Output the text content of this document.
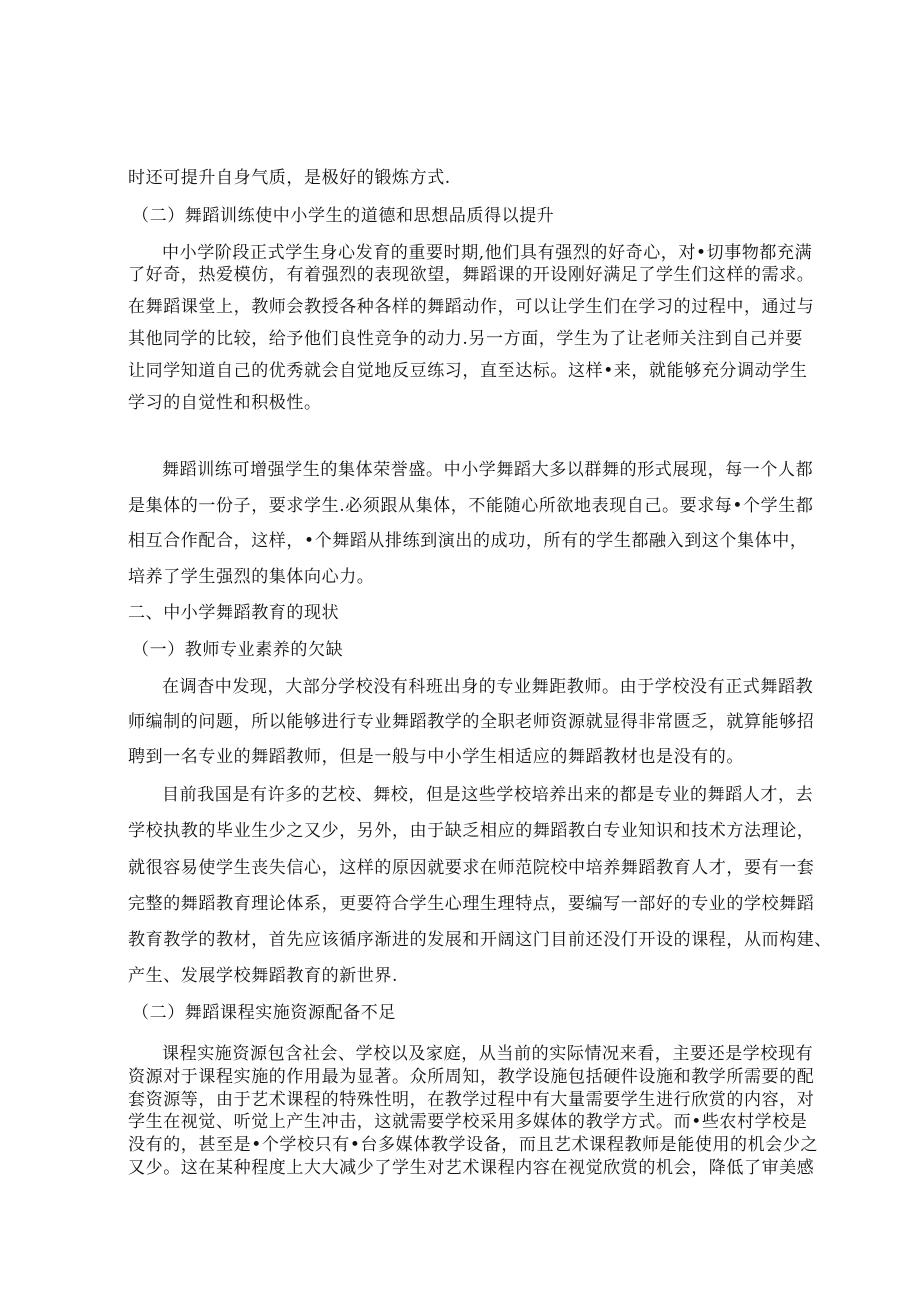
时还可提升自身气质，是极好的锻炼方式.
（二）舞蹈训练使中小学生的道德和思想品质得以提升
中小学阶段正式学生身心发育的重要时期,他们具有强烈的好奇心，对•切事物都充满
了好奇，热爱模仿，有着强烈的表现欲望，舞蹈课的开设刚好满足了学生们这样的需求。
在舞蹈课堂上，教师会教授各种各样的舞蹈动作，可以让学生们在学习的过程中，通过与
其他同学的比较，给予他们良性竞争的动力.另一方面，学生为了让老师关注到自己并要
让同学知道自己的优秀就会自觉地反豆练习，直至达标。这样•来，就能够充分调动学生
学习的自觉性和积极性。
舞蹈训练可增强学生的集体荣誉盛。中小学舞蹈大多以群舞的形式展现，每一个人都
是集体的一份子，要求学生.必须跟从集体，不能随心所欲地表现自己。要求每•个学生都
相互合作配合，这样，•个舞蹈从排练到演出的成功，所有的学生都融入到这个集体中，
培养了学生强烈的集体向心力。
二、中小学舞蹈教育的现状
（一）教师专业素养的欠缺
在调杳中发现，大部分学校没有科班出身的专业舞距教师。由于学校没有正式舞蹈教
师编制的问题，所以能够进行专业舞蹈教学的全职老师资源就显得非常匮乏，就算能够招
聘到一名专业的舞蹈教师，但是一般与中小学生相适应的舞蹈教材也是没有的。
目前我国是有许多的艺校、舞校，但是这些学校培养出来的都是专业的舞蹈人才，去
学校执教的毕业生少之又少，另外，由于缺乏相应的舞蹈教白专业知识和技术方法理论，
就很容易使学生丧失信心，这样的原因就要求在师范院校中培养舞蹈教育人才，要有一套
完整的舞蹈教育理论体系，更要符合学生心理生理特点，要编写一部好的专业的学校舞蹈
教育教学的教材，首先应该循序渐进的发展和开阔这门目前还没仃开设的课程，从而构建、
产生、发展学校舞蹈教育的新世界.
（二）舞蹈课程实施资源配备不足
课程实施资源包含社会、学校以及家庭，从当前的实际情况来看，主要还是学校现有
资源对于课程实施的作用最为显著。众所周知，教学设施包括硬件设施和教学所需要的配
套资源等，由于艺术课程的特殊性明，在教学过程中有大量需要学生进行欣赏的内容，对
学生在视觉、听觉上产生冲击，这就需要学校采用多媒体的教学方式。而•些农村学校是
没有的，甚至是•个学校只有•台多媒体教学设备，而且艺术课程教师是能使用的机会少之
又少。这在某种程度上大大减少了学生对艺术课程内容在视觉欣赏的机会，降低了审美感
